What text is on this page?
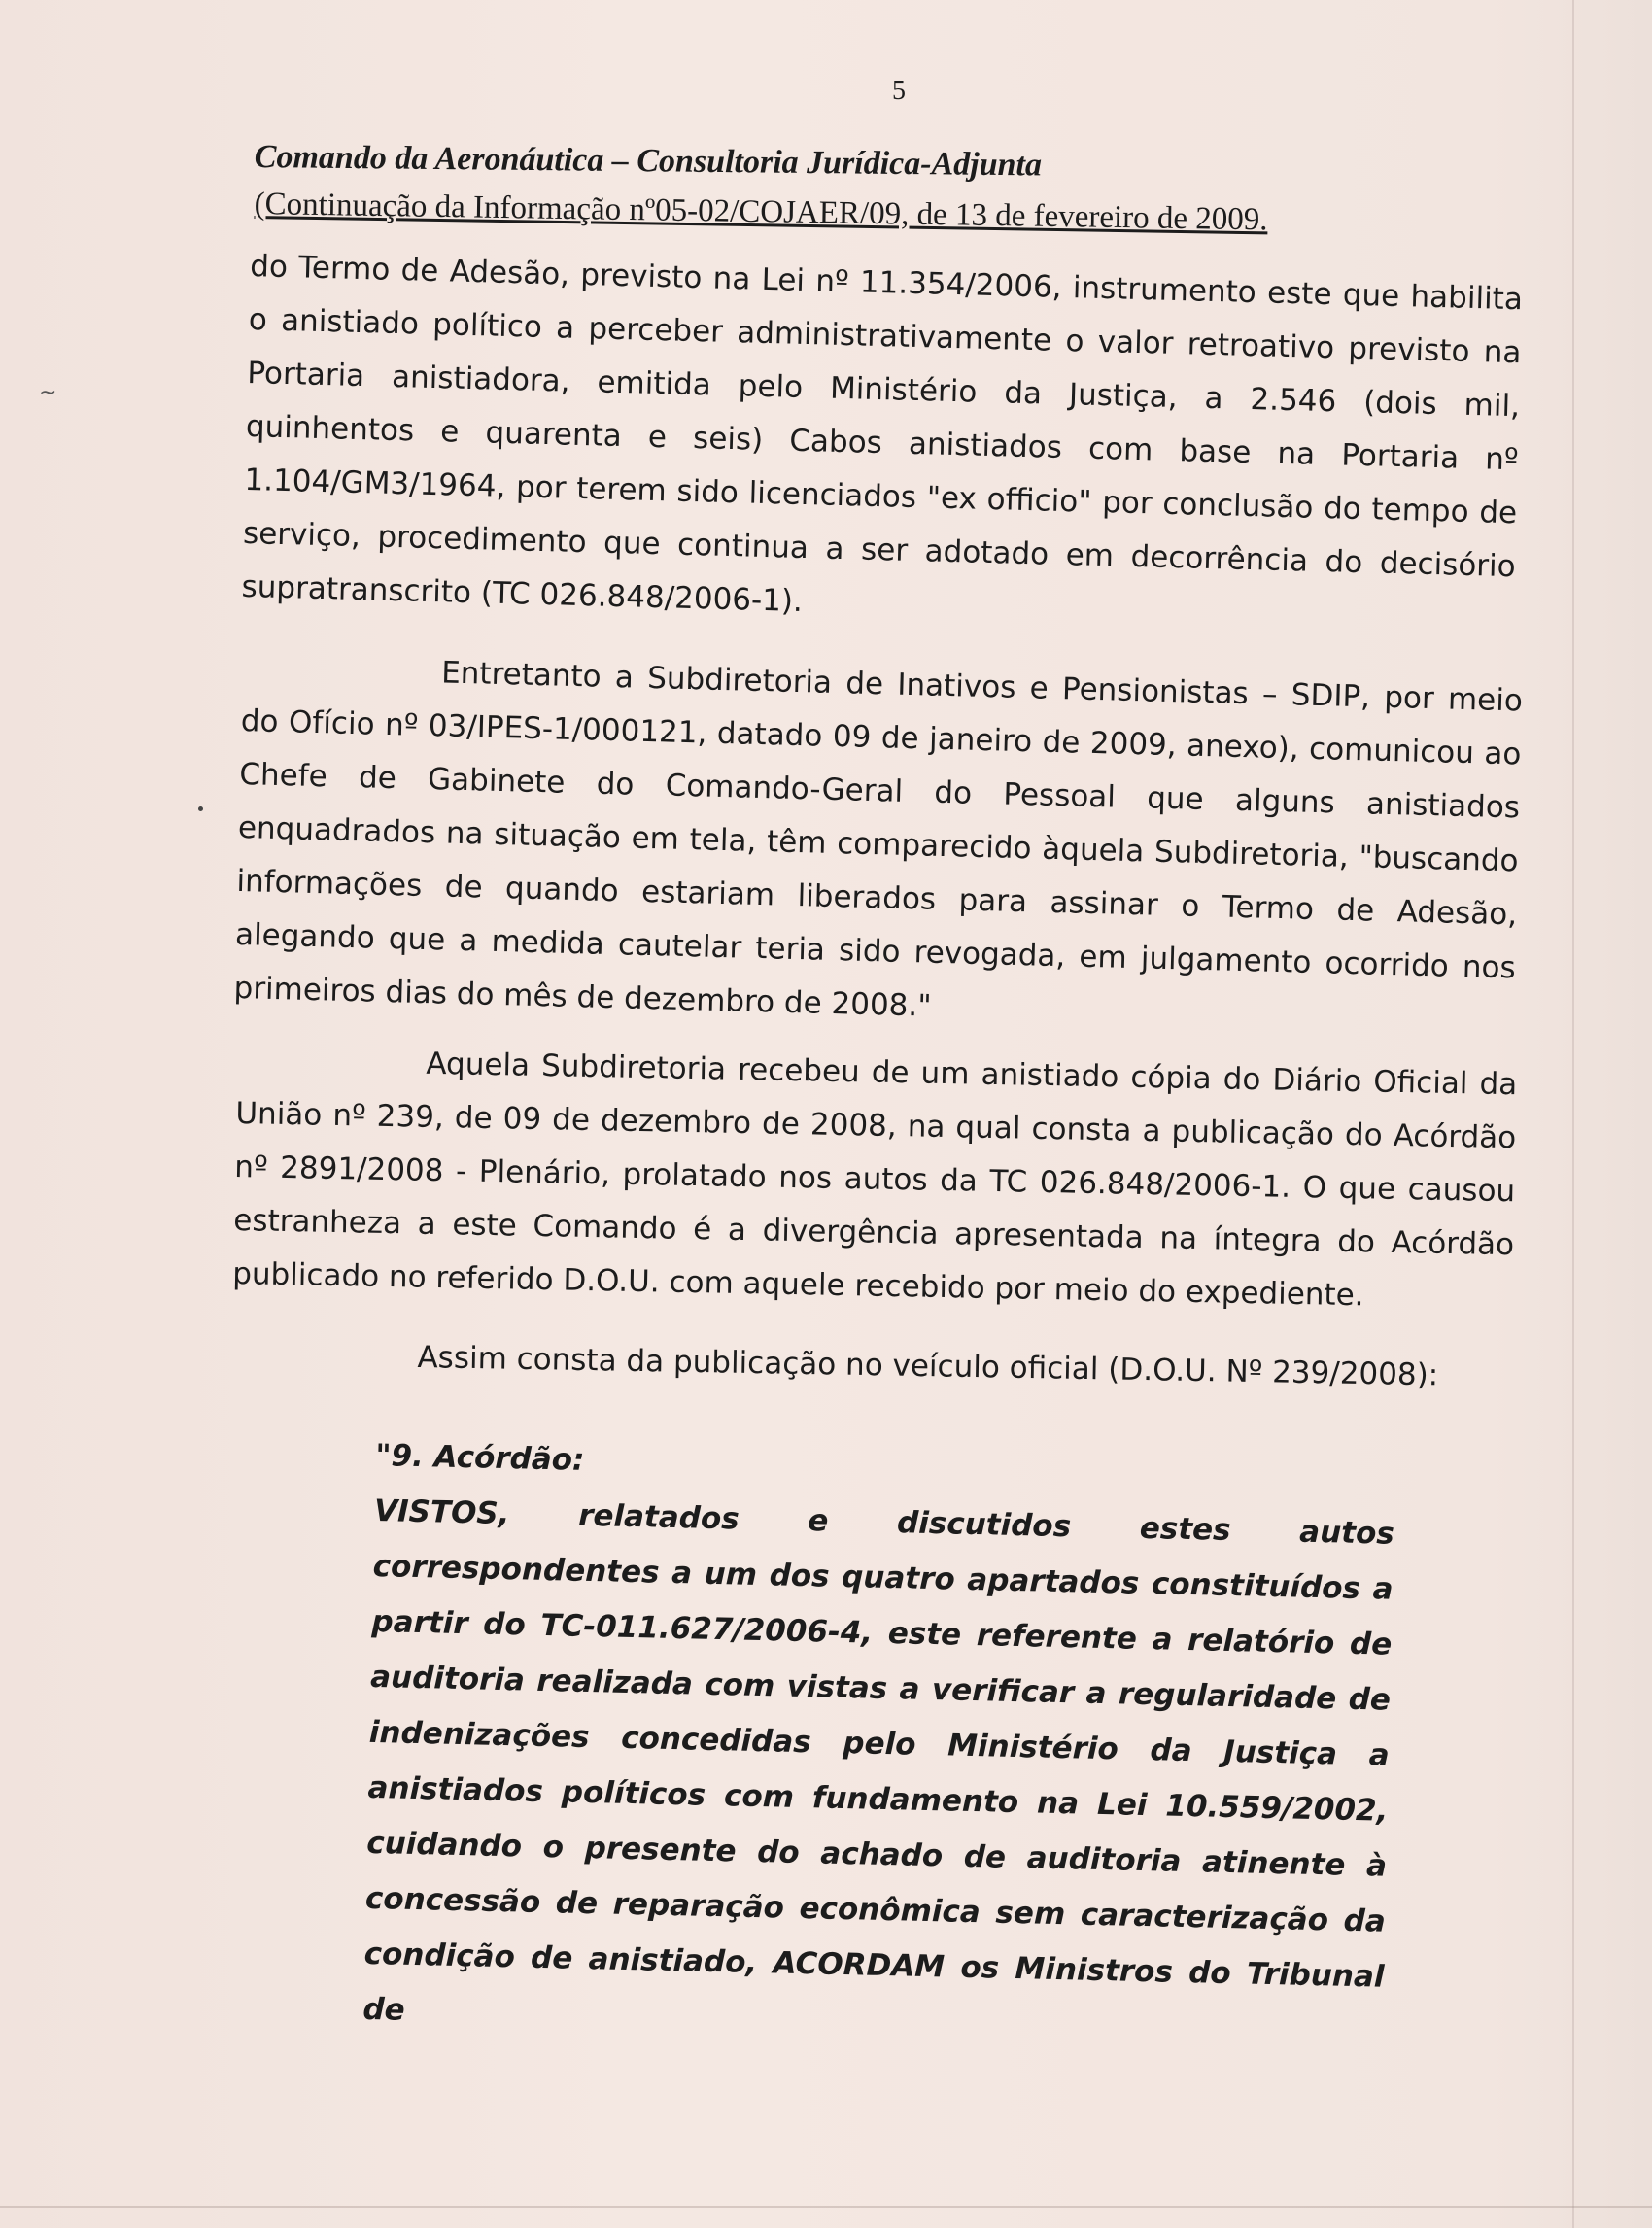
5
Comando da Aeronáutica – Consultoria Jurídica-Adjunta
(Continuação da Informação nº05-02/COJAER/09, de 13 de fevereiro de 2009.
~

do Termo de Adesão, previsto na Lei nº 11.354/2006, instrumento este que habilita o anistiado político a perceber administrativamente o valor retroativo previsto na Portaria anistiadora, emitida pelo Ministério da Justiça, a 2.546 (dois mil, quinhentos e quarenta e seis) Cabos anistiados com base na Portaria nº 1.104/GM3/1964, por terem sido licenciados "ex officio" por conclusão do tempo de serviço, procedimento que continua a ser adotado em decorrência do decisório supratranscrito (TC 026.848/2006-1).

Entretanto a Subdiretoria de Inativos e Pensionistas – SDIP, por meio do Ofício nº 03/IPES-1/000121, datado 09 de janeiro de 2009, anexo), comunicou ao Chefe de Gabinete do Comando-Geral do Pessoal que alguns anistiados enquadrados na situação em tela, têm comparecido àquela Subdiretoria, "buscando informações de quando estariam liberados para assinar o Termo de Adesão, alegando que a medida cautelar teria sido revogada, em julgamento ocorrido nos primeiros dias do mês de dezembro de 2008."

Aquela Subdiretoria recebeu de um anistiado cópia do Diário Oficial da União nº 239, de 09 de dezembro de 2008, na qual consta a publicação do Acórdão nº 2891/2008 - Plenário, prolatado nos autos da TC 026.848/2006-1. O que causou estranheza a este Comando é a divergência apresentada na íntegra do Acórdão publicado no referido D.O.U. com aquele recebido por meio do expediente.

Assim consta da publicação no veículo oficial (D.O.U. Nº 239/2008):

"9. Acórdão:

VISTOS, relatados e discutidos estes autos correspondentes a um dos quatro apartados constituídos a partir do TC-011.627/2006-4, este referente a relatório de auditoria realizada com vistas a verificar a regularidade de indenizações concedidas pelo Ministério da Justiça a anistiados políticos com fundamento na Lei 10.559/2002, cuidando o presente do achado de auditoria atinente à concessão de reparação econômica sem caracterização da condição de anistiado, ACORDAM os Ministros do Tribunal de
